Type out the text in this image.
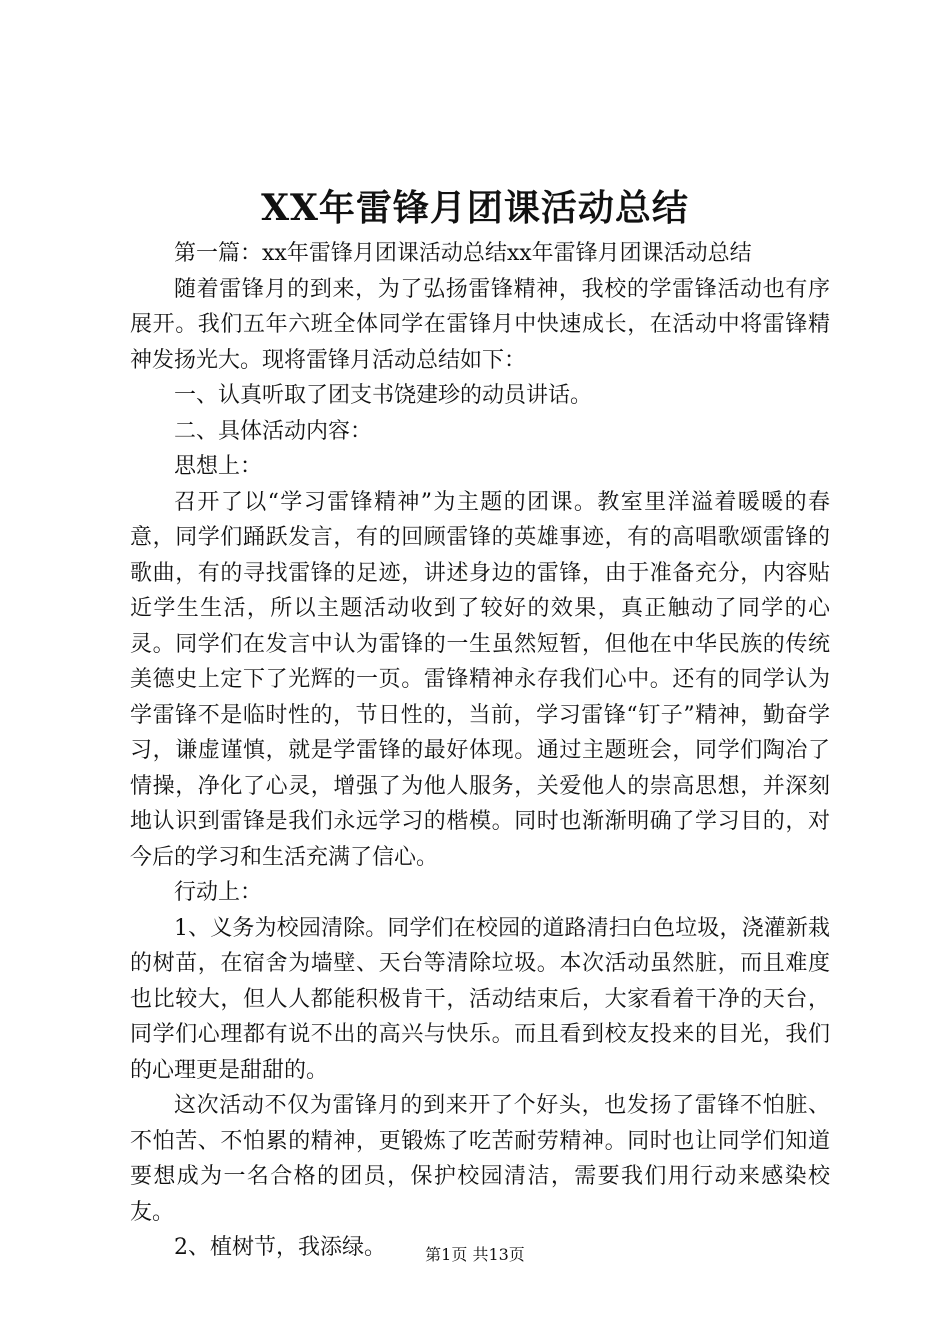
XX年雷锋月团课活动总结

第一篇：xx年雷锋月团课活动总结xx年雷锋月团课活动总结

随着雷锋月的到来，为了弘扬雷锋精神，我校的学雷锋活动也有序展开。我们五年六班全体同学在雷锋月中快速成长，在活动中将雷锋精神发扬光大。现将雷锋月活动总结如下：

一、认真听取了团支书饶建珍的动员讲话。

二、具体活动内容：

思想上：

召开了以“学习雷锋精神”为主题的团课。教室里洋溢着暖暖的春意，同学们踊跃发言，有的回顾雷锋的英雄事迹，有的高唱歌颂雷锋的歌曲，有的寻找雷锋的足迹，讲述身边的雷锋，由于准备充分，内容贴近学生生活，所以主题活动收到了较好的效果，真正触动了同学的心灵。同学们在发言中认为雷锋的一生虽然短暂，但他在中华民族的传统美德史上定下了光辉的一页。雷锋精神永存我们心中。还有的同学认为学雷锋不是临时性的，节日性的，当前，学习雷锋“钉子”精神，勤奋学习，谦虚谨慎，就是学雷锋的最好体现。通过主题班会，同学们陶冶了情操，净化了心灵，增强了为他人服务，关爱他人的崇高思想，并深刻地认识到雷锋是我们永远学习的楷模。同时也渐渐明确了学习目的，对今后的学习和生活充满了信心。

行动上：

1、义务为校园清除。同学们在校园的道路清扫白色垃圾，浇灌新栽的树苗，在宿舍为墙壁、天台等清除垃圾。本次活动虽然脏，而且难度也比较大，但人人都能积极肯干，活动结束后，大家看着干净的天台，同学们心理都有说不出的高兴与快乐。而且看到校友投来的目光，我们的心理更是甜甜的。

这次活动不仅为雷锋月的到来开了个好头，也发扬了雷锋不怕脏、不怕苦、不怕累的精神，更锻炼了吃苦耐劳精神。同时也让同学们知道要想成为一名合格的团员，保护校园清洁，需要我们用行动来感染校友。

2、植树节，我添绿。	第1页 共13页
